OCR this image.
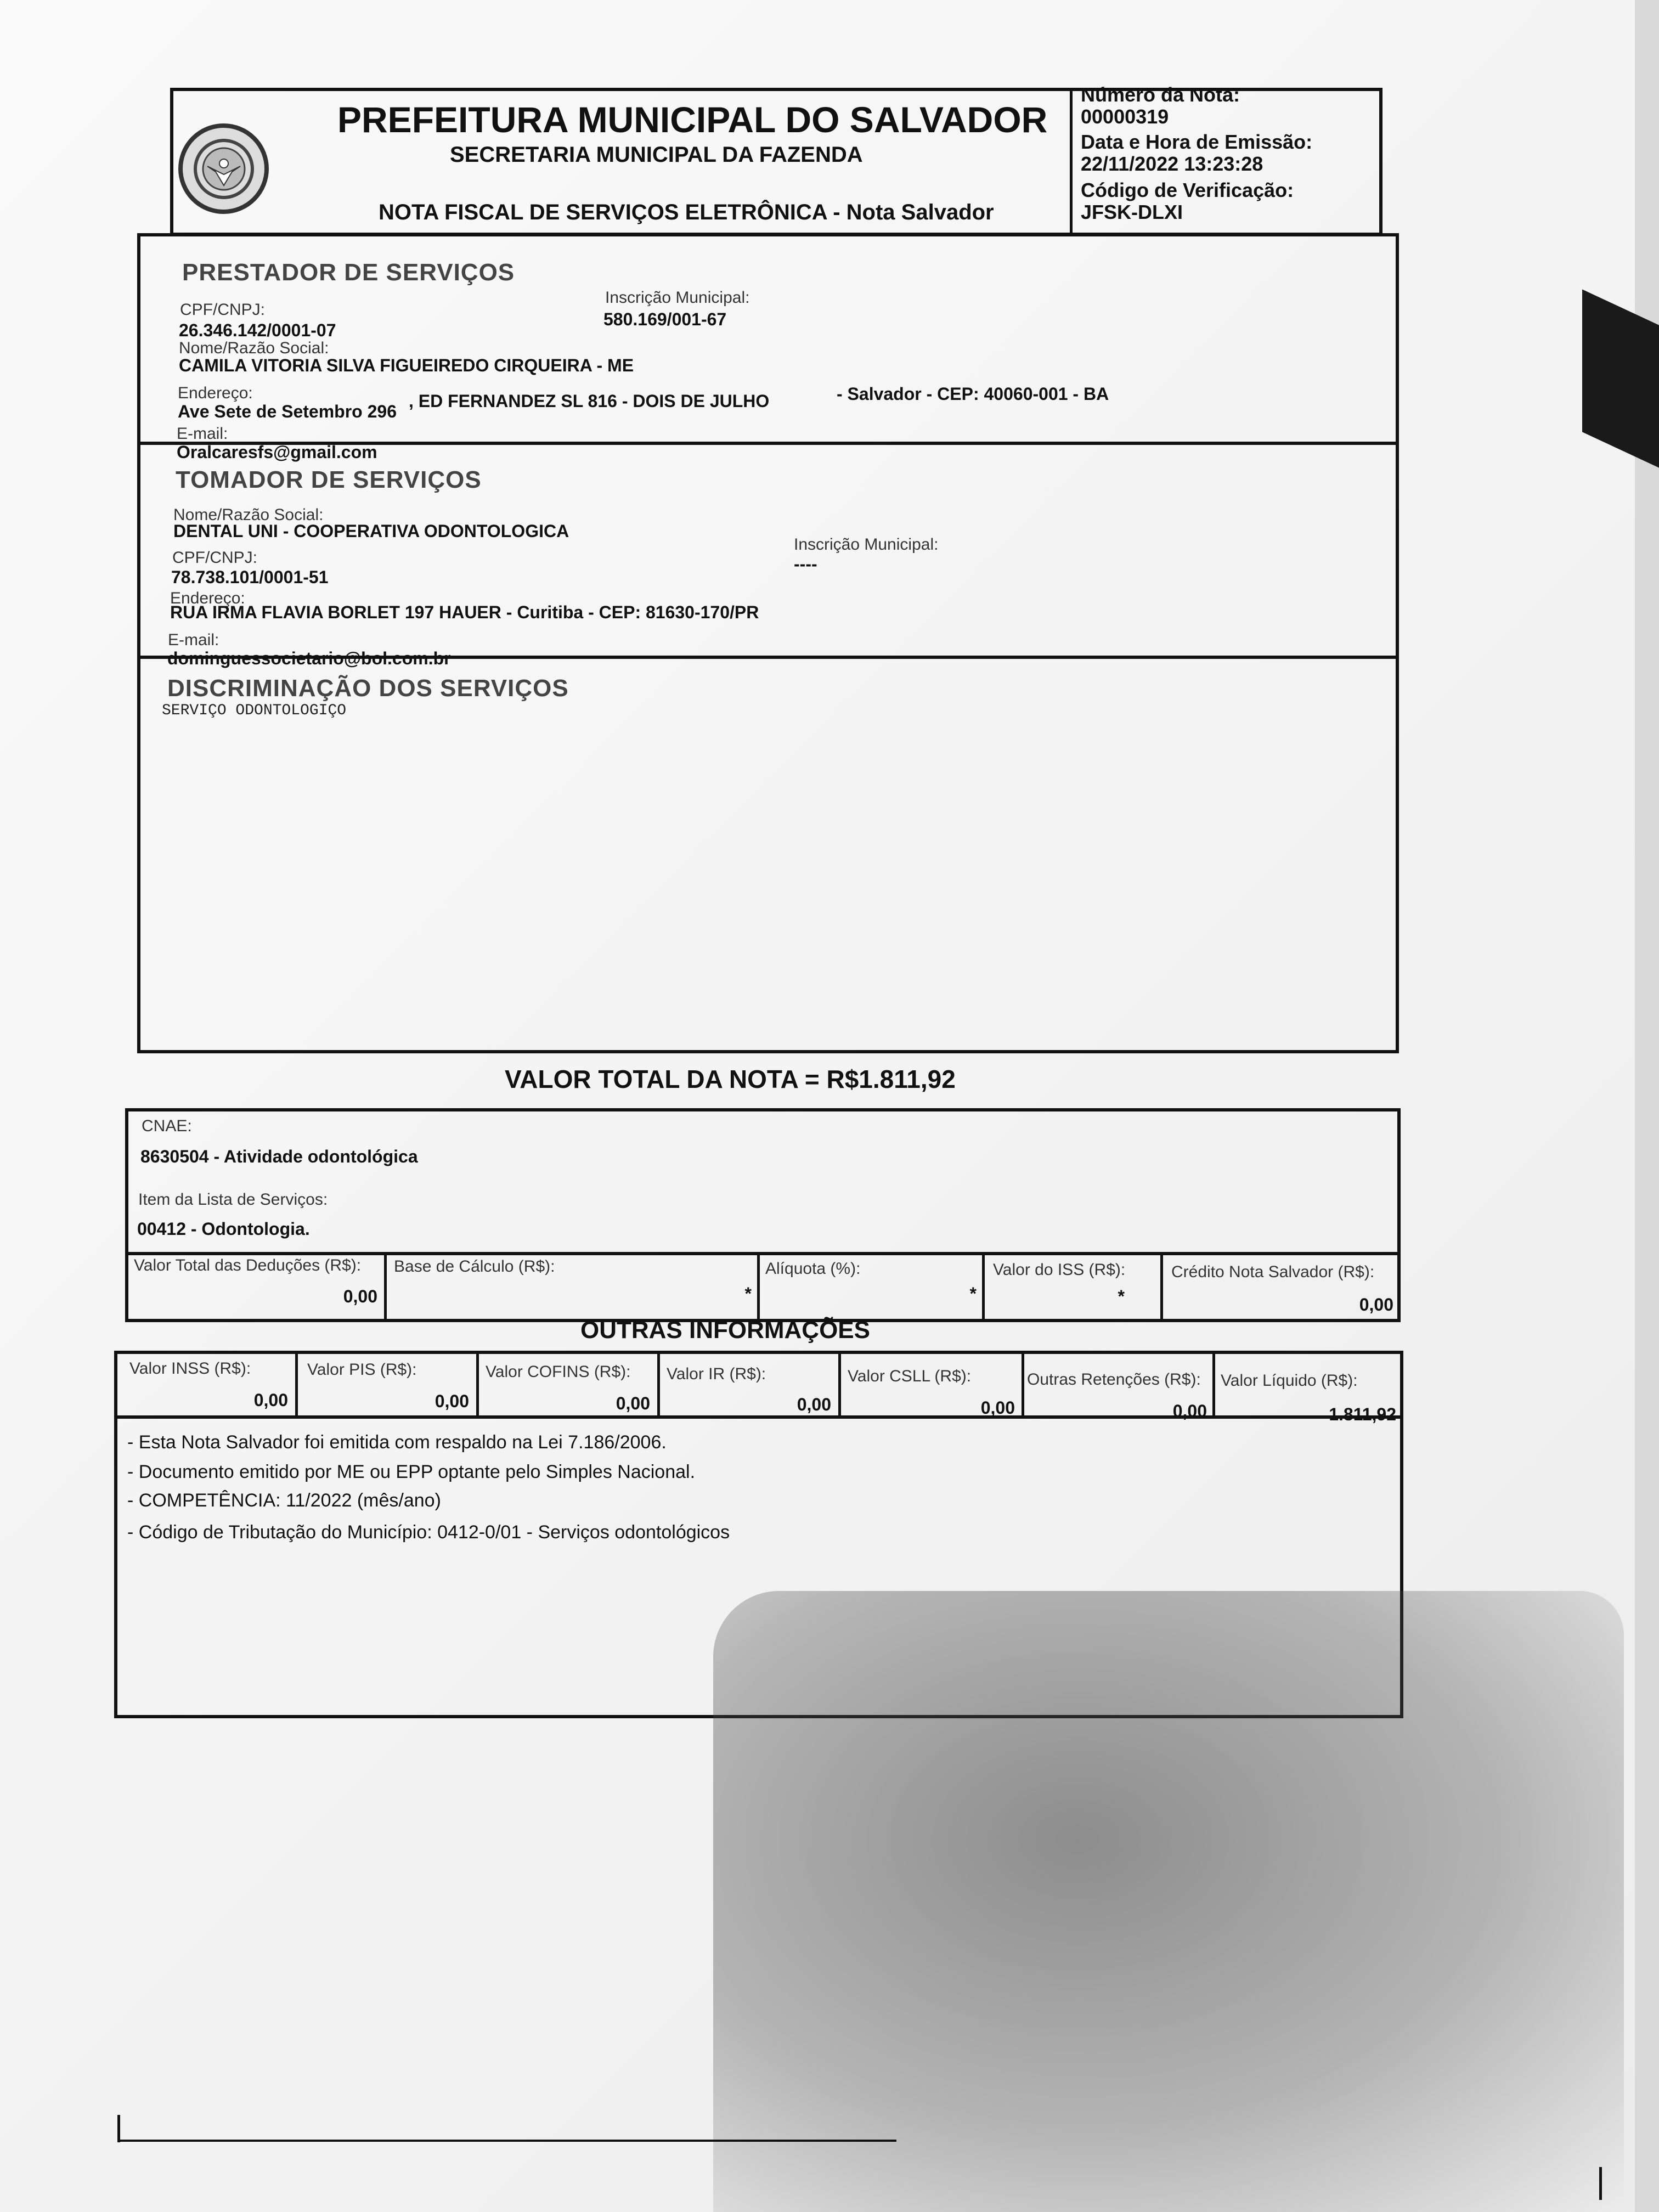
PREFEITURA MUNICIPAL DO SALVADOR
SECRETARIA MUNICIPAL DA FAZENDA
NOTA FISCAL DE SERVIÇOS ELETRÔNICA - Nota Salvador
Número da Nota:
00000319
Data e Hora de Emissão:
22/11/2022 13:23:28
Código de Verificação:
JFSK-DLXI
PRESTADOR DE SERVIÇOS
CPF/CNPJ:
26.346.142/0001-07
Inscrição Municipal:
580.169/001-67
Nome/Razão Social:
CAMILA VITORIA SILVA FIGUEIREDO CIRQUEIRA - ME
Endereço:
Ave Sete de Setembro 296
, ED FERNANDEZ SL 816 - DOIS DE JULHO	- Salvador - CEP: 40060-001 - BA
E-mail:
Oralcaresfs@gmail.com
TOMADOR DE SERVIÇOS
Nome/Razão Social:
DENTAL UNI - COOPERATIVA ODONTOLOGICA
CPF/CNPJ:
78.738.101/0001-51
Inscrição Municipal:
----
Endereço:
RUA IRMA FLAVIA BORLET 197 HAUER - Curitiba - CEP: 81630-170/PR
E-mail:
dominguessocietario@bol.com.br
DISCRIMINAÇÃO DOS SERVIÇOS
SERVIÇO ODONTOLOGIÇO
VALOR TOTAL DA NOTA = R$1.811,92
CNAE:
8630504 - Atividade odontológica
Item da Lista de Serviços:
00412 - Odontologia.
Valor Total das Deduções (R$):
0,00
Base de Cálculo (R$):
*
Alíquota (%):
*
Valor do ISS (R$):
*
Crédito Nota Salvador (R$):
0,00
OUTRAS INFORMAÇÕES
Valor INSS (R$):
0,00
Valor PIS (R$):
0,00
Valor COFINS (R$):
0,00
Valor IR (R$):
0,00
Valor CSLL (R$):
0,00
Outras Retenções (R$):
0,00
Valor Líquido (R$):
1.811,92
- Esta Nota Salvador foi emitida com respaldo na Lei 7.186/2006.
- Documento emitido por ME ou EPP optante pelo Simples Nacional.
- COMPETÊNCIA: 11/2022 (mês/ano)
- Código de Tributação do Município: 0412-0/01 - Serviços odontológicos
